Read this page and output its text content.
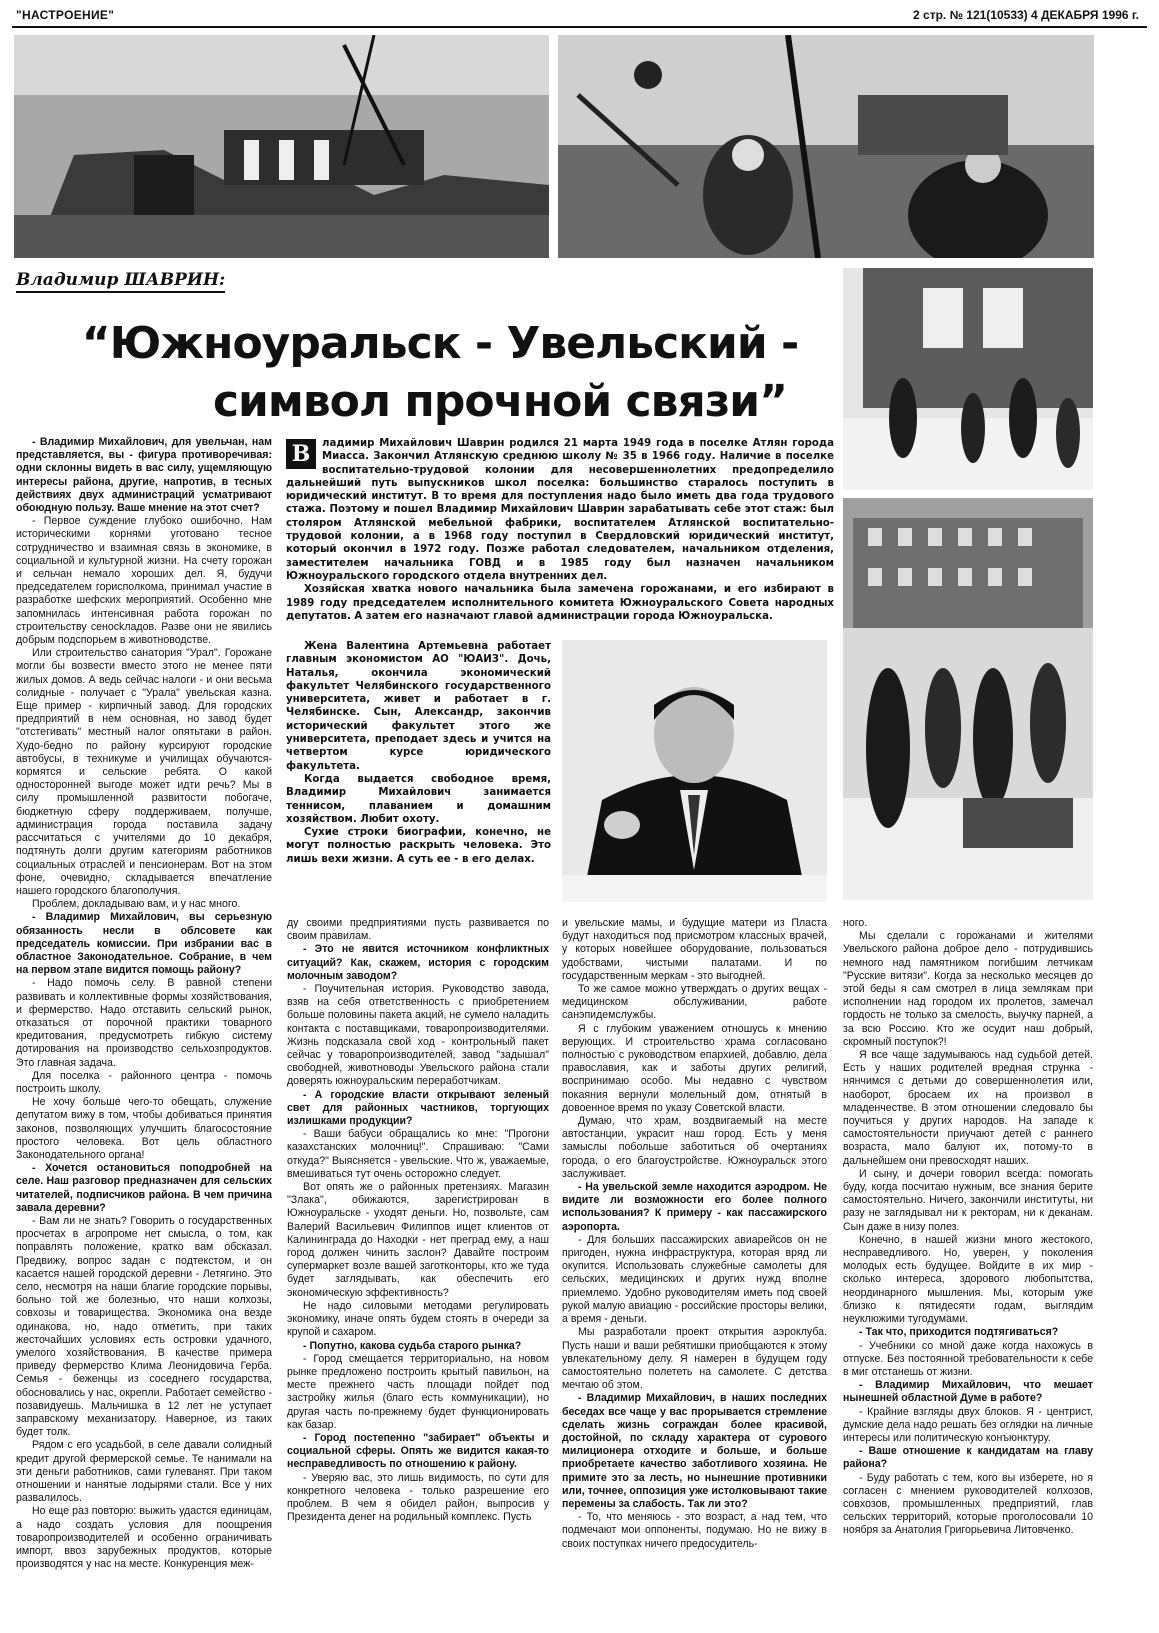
"НАСТРОЕНИЕ"	2 стр. № 121(10533) 4 ДЕКАБРЯ 1996 г.
Владимир ШАВРИН:
“Южноуральск - Увельский -
символ прочной связи”

- Владимир Михайлович, для увельчан, нам представляется, вы - фигура противоречивая: одни склонны видеть в вас силу, ущемляющую интересы района, другие, напротив, в тесных действиях двух администраций усматривают обоюдную пользу. Ваше мнение на этот счет?

- Первое суждение глубоко ошибочно. Нам историческими корнями уготовано тесное сотрудничество и взаимная связь в экономике, в социальной и культурной жизни. На счету горожан и сельчан немало хороших дел. Я, будучи председателем горисполкома, принимал участие в разработке шефских мероприятий. Особенно мне запомнилась интенсивная работа горожан по строительству сеносkладов. Разве они не явились добрым подспорьем в животноводстве.

Или строительство санатория "Урал". Горожане могли бы возвести вместо этого не менее пяти жилых домов. А ведь сейчас налоги - и они весьма солидные - получает с "Урала" увельская казна. Еще пример - кирпичный завод. Для городских предприятий в нем основная, но завод будет "отстегивать" местный налог опятьтаки в район. Худо-бедно по району курсируют городские автобусы, в техникуме и училищах обучаются-кормятся и сельские ребята. О какой односторонней выгоде может идти речь? Мы в силу промышленной развитости побогаче, бюджетную сферу поддерживаем, получше, администрация города поставила задачу рассчитаться с учителями до 10 декабря, подтянуть долги другим категориям работников социальных отраслей и пенсионерам. Вот на этом фоне, очевидно, складывается впечатление нашего городского благополучия.

Проблем, докладываю вам, и у нас много.

- Владимир Михайлович, вы серьезную обязанность несли в облсовете как председатель комиссии. При избрании вас в областное Законодательное. Собрание, в чем на первом этапе видится помощь району?

- Надо помочь селу. В равной степени развивать и коллективные формы хозяйствования, и фермерство. Надо отставить сельский рынок, отказаться от порочной практики товарного кредитования, предусмотреть гибкую систему дотирования на производство сельхозпродуктов. Это главная задача.

Для поселка - районного центра - помочь построить школу.

Не хочу больше чего-то обещать, служение депутатом вижу в том, чтобы добиваться принятия законов, позволяющих улучшить благосостояние простого человека. Вот цель областного Законодательного органа!

- Хочется остановиться поподробней на селе. Наш разговор предназначен для сельских читателей, подписчиков района. В чем причина завала деревни?

- Вам ли не знать? Говорить о государственных просчетах в агропроме нет смысла, о том, как поправлять положение, кратко вам обсказал. Предвижу, вопрос задан с подтекстом, и он касается нашей городской деревни - Летягино. Это село, несмотря на наши благие городские порывы, больно той же болезнью, что наши колхозы, совхозы и товарищества. Экономика она везде одинакова, но, надо отметить, при таких жесточайших условиях есть островки удачного, умелого хозяйствования. В качестве примера приведу фермерство Клима Леонидовича Герба. Семья - беженцы из соседнего государства, обосновались у нас, окрепли. Работает семейство - позавидуешь. Мальчишка в 12 лет не уступает заправскому механизатору. Наверное, из таких будет толк.

Рядом с его усадьбой, в селе давали солидный кредит другой фермерской семье. Те нанимали на эти деньги работников, сами гулеванят. При таком отношении и нанятые лодырями стали. Все у них развалилось.

Но еще раз повторю: выжить удастся единицам, а надо создать условия для поощрения товаропроизводителей и особенно ограничивать импорт, ввоз зарубежных продуктов, которые производятся у нас на месте. Конкуренция меж-

В	ладимир Михайлович Шаврин родился 21 марта 1949 года в поселке Атлян города Миасса. Закончил Атлянскую среднюю школу № 35 в 1966 году. Наличие в поселке воспитательно-трудовой колонии для несовершеннолетних предопределило дальнейший путь выпускников школ поселка: большинство старалось поступить в юридический институт. В то время для поступления надо было иметь два года трудового стажа. Поэтому и пошел Владимир Михайлович Шаврин зарабатывать себе этот стаж: был столяром Атлянской мебельной фабрики, воспитателем Атлянской воспитательно-трудовой колонии, а в 1968 году поступил в Свердловский юридический институт, который окончил в 1972 году. Позже работал следователем, начальником отделения, заместителем начальника ГОВД и в 1985 году был назначен начальником Южноуральского городского отдела внутренних дел.

Хозяйская хватка нового начальника была замечена горожанами, и его избирают в 1989 году председателем исполнительного комитета Южноуральского Совета народных депутатов. А затем его назначают главой администрации города Южноуральска.

Жена Валентина Артемьевна работает главным экономистом АО "ЮАИЗ". Дочь, Наталья, окончила экономический факультет Челябинского государственного университета, живет и работает в г. Челябинске. Сын, Александр, закончив исторический факультет этого же университета, преподает здесь и учится на четвертом курсе юридического факультета.

Когда выдается свободное время, Владимир Михайлович занимается теннисом, плаванием и домашним хозяйством. Любит охоту.

Сухие строки биографии, конечно, не могут полностью раскрыть человека. Это лишь вехи жизни. А суть ее - в его делах.

ду своими предприятиями пусть развивается по своим правилам.

- Это не явится источником конфликтных ситуаций? Как, скажем, история с городским молочным заводом?

- Поучительная история. Руководство завода, взяв на себя ответственность с приобретением больше половины пакета акций, не сумело наладить контакта с поставщиками, товаропроизводителями. Жизнь подсказала свой ход - контрольный пакет сейчас у товаропроизводителей, завод "задышал" свободней, животноводы Увельского района стали доверять южноуральским переработчикам.

- А городские власти открывают зеленый свет для районных частников, торгующих излишками продукции?

- Ваши бабуси обращались ко мне: "Прогони казахстанских молочниц!". Спрашиваю: "Сами откуда?" Выясняется - увельские. Что ж, уважаемые, вмешиваться тут очень осторожно следует.

Вот опять же о районных претензиях. Магазин "Злака", обижаются, зарегистрирован в Южноуральске - уходят деньги. Но, позвольте, сам Валерий Васильевич Филиппов ищет клиентов от Калининграда до Находки - нет преград ему, а наш город должен чинить заслон? Давайте построим супермаркет возле вашей заготконторы, кто же туда будет заглядывать, как обеспечить его экономическую эффективность?

Не надо силовыми методами регулировать экономику, иначе опять будем стоять в очереди за крупой и сахаром.

- Попутно, какова судьба старого рынка?

- Город смещается территориально, на новом рынке предложено построить крытый павильон, на месте прежнего часть площади пойдет под застройку жилья (благо есть коммуникации), но другая часть по-прежнему будет функционировать как базар.

- Город постепенно "забирает" объекты и социальной сферы. Опять же видится какая-то несправедливость по отношению к району.

- Уверяю вас, это лишь видимость, по сути для конкретного человека - только разрешение его проблем. В чем я обидел район, выпросив у Президента денег на родильный комплекс. Пусть

и увельские мамы, и будущие матери из Пласта будут находиться под присмотром классных врачей, у которых новейшее оборудование, пользоваться удобствами, чистыми палатами. И по государственным меркам - это выгодней.

То же самое можно утверждать о других вещах - медицинском обслуживании, работе санэпидемслужбы.

Я с глубоким уважением отношусь к мнению верующих. И строительство храма согласовано полностью с руководством епархией, добавлю, дела православия, как и заботы других религий, воспринимаю особо. Мы недавно с чувством покаяния вернули молельный дом, отнятый в довоенное время по указу Советской власти.

Думаю, что храм, воздвигаемый на месте автостанции, украсит наш город. Есть у меня замыслы побольше заботиться об очертаниях города, о его благоустройстве. Южноуральск этого заслуживает.

- На увельской земле находится аэродром. Не видите ли возможности его более полного использования? К примеру - как пассажирского аэропорта.

- Для больших пассажирских авиарейсов он не пригоден, нужна инфраструктура, которая вряд ли окупится. Использовать служебные самолеты для сельских, медицинских и других нужд вполне приемлемо. Удобно руководителям иметь под своей рукой малую авиацию - российские просторы велики, а время - деньги.

Мы разработали проект открытия аэроклуба. Пусть наши и ваши ребятишки приобщаются к этому увлекательному делу. Я намерен в будущем году самостоятельно полететь на самолете. С детства мечтаю об этом.

- Владимир Михайлович, в наших последних беседах все чаще у вас прорывается стремление сделать жизнь сограждан более красивой, достойной, по складу характера от сурового милиционера отходите и больше, и больше приобретаете качество заботливого хозяина. Не примите это за лесть, но нынешние противники или, точнее, оппозиция уже истолковывают такие перемены за слабость. Так ли это?

- То, что меняюсь - это возраст, а над тем, что подмечают мои оппоненты, подумаю. Но не вижу в своих поступках ничего предосудитель-

ного.

Мы сделали с горожанами и жителями Увельского района доброе дело - потрудившись немного над памятником погибшим летчикам "Русские витязи". Когда за несколько месяцев до этой беды я сам смотрел в лица землякам при исполнении над городом их пролетов, замечал гордость не только за смелость, выучку парней, а за всю Россию. Кто же осудит наш добрый, скромный поступок?!

Я все чаще задумываюсь над судьбой детей. Есть у наших родителей вредная струнка - нянчимся с детьми до совершеннолетия или, наоборот, бросаем их на произвол в младенчестве. В этом отношении следовало бы поучиться у других народов. На западе к самостоятельности приучают детей с раннего возраста, мало балуют их, потому-то в дальнейшем они превосходят наших.

И сыну, и дочери говорил всегда: помогать буду, когда посчитаю нужным, все знания берите самостоятельно. Ничего, закончили институты, ни разу не заглядывал ни к ректорам, ни к деканам. Сын даже в низу полез.

Конечно, в нашей жизни много жестокого, несправедливого. Но, уверен, у поколения молодых есть будущее. Войдите в их мир - сколько интереса, здорового любопытства, неординарного мышления. Мы, которым уже близко к пятидесяти годам, выглядим неуклюжими тугодумами.

- Так что, приходится подтягиваться?

- Учебники со мной даже когда нахожусь в отпуске. Без постоянной требовательности к себе в миг отстанешь от жизни.

- Владимир Михайлович, что мешает нынешней областной Думе в работе?

- Крайние взгляды двух блоков. Я - центрист, думские дела надо решать без оглядки на личные интересы или политическую конъюнктуру.

- Ваше отношение к кандидатам на главу района?

- Буду работать с тем, кого вы изберете, но я согласен с мнением руководителей колхозов, совхозов, промышленных предприятий, глав сельских территорий, которые проголосовали 10 ноября за Анатолия Григорьевича Литовченко.
